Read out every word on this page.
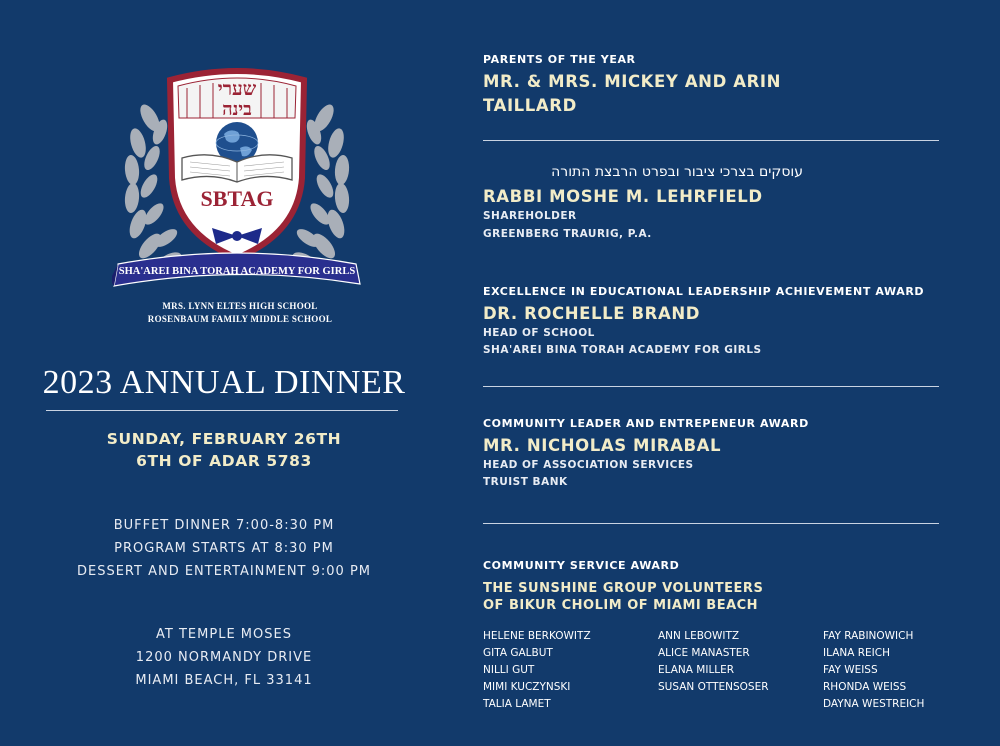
שערי
בינה
SBTAG
SHA'AREI BINA TORAH ACADEMY FOR GIRLS
MRS. LYNN ELTES HIGH SCHOOL
ROSENBAUM FAMILY MIDDLE SCHOOL
2023 ANNUAL DINNER
SUNDAY, FEBRUARY 26TH
6TH OF ADAR 5783
BUFFET DINNER 7:00-8:30 PM
PROGRAM STARTS AT 8:30 PM
DESSERT AND ENTERTAINMENT 9:00 PM
AT TEMPLE MOSES
1200 NORMANDY DRIVE
MIAMI BEACH, FL 33141
PARENTS OF THE YEAR
MR. & MRS. MICKEY AND ARIN
TAILLARD
עוסקים בצרכי ציבור ובפרט הרבצת התורה
RABBI MOSHE M. LEHRFIELD
SHAREHOLDER
GREENBERG TRAURIG, P.A.
EXCELLENCE IN EDUCATIONAL LEADERSHIP ACHIEVEMENT AWARD
DR. ROCHELLE BRAND
HEAD OF SCHOOL
SHA'AREI BINA TORAH ACADEMY FOR GIRLS
COMMUNITY LEADER AND ENTREPENEUR AWARD
MR. NICHOLAS MIRABAL
HEAD OF ASSOCIATION SERVICES
TRUIST BANK
COMMUNITY SERVICE AWARD
THE SUNSHINE GROUP VOLUNTEERS
OF BIKUR CHOLIM OF MIAMI BEACH
HELENE BERKOWITZ
GITA GALBUT
NILLI GUT
MIMI KUCZYNSKI
TALIA LAMET
ANN LEBOWITZ
ALICE MANASTER
ELANA MILLER
SUSAN OTTENSOSER
FAY RABINOWICH
ILANA REICH
FAY WEISS
RHONDA WEISS
DAYNA WESTREICH
